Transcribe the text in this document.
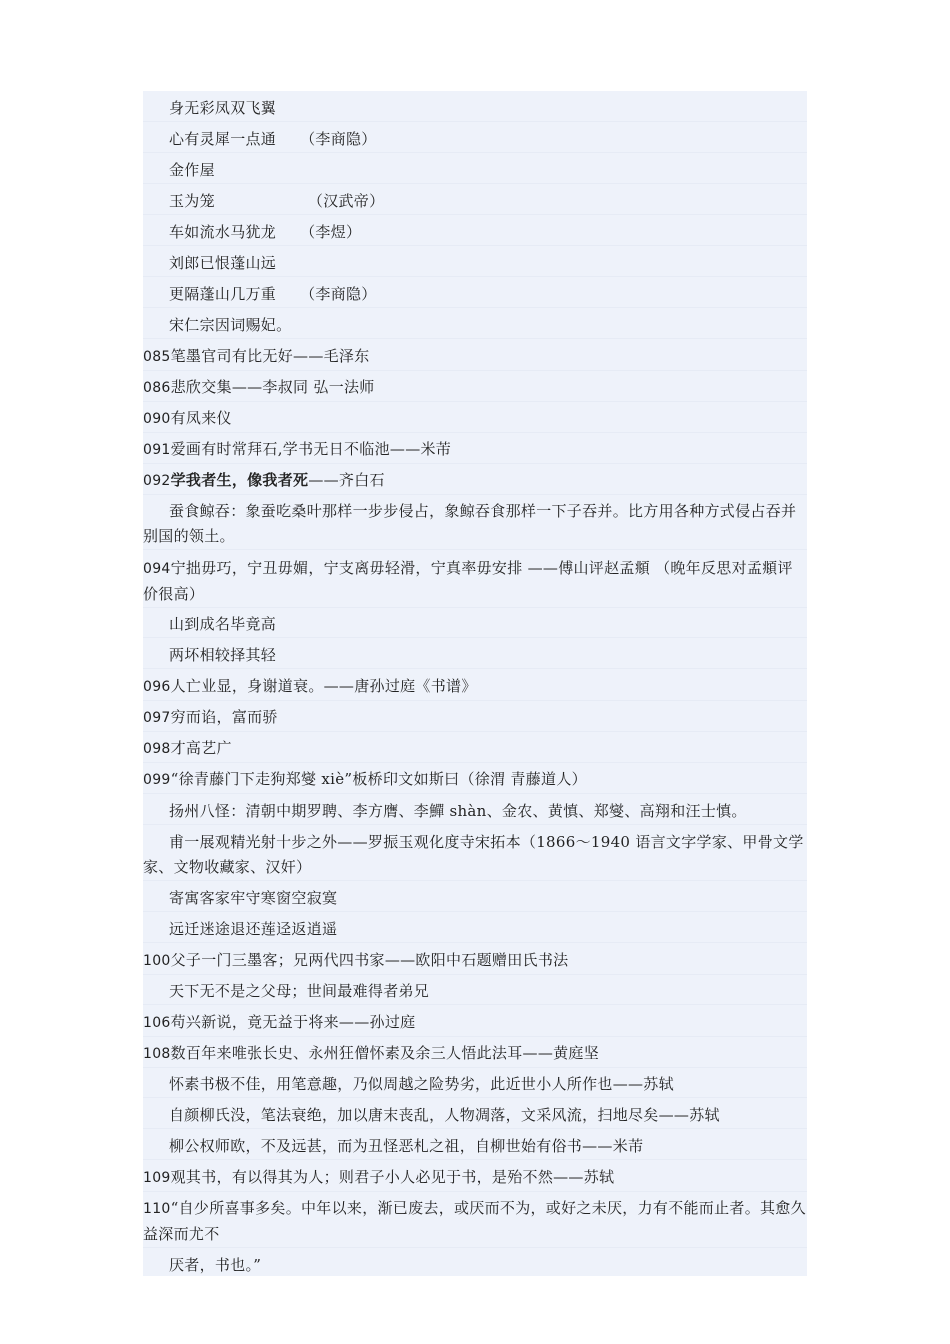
身无彩凤双飞翼
心有灵犀一点通 （李商隐）
金作屋
玉为笼	（汉武帝）
车如流水马犹龙 （李煜）
刘郎已恨蓬山远
更隔蓬山几万重 （李商隐）
宋仁宗因词赐妃。
085笔墨官司有比无好——毛泽东
086悲欣交集——李叔同 弘一法师
090有凤来仪
091爱画有时常拜石,学书无日不临池——米芾
092学我者生，像我者死——齐白石
蚕食鲸吞：象蚕吃桑叶那样一步步侵占，象鲸吞食那样一下子吞并。比方用各种方式侵占吞并别国的领土。
094宁拙毋巧，宁丑毋媚，宁支离毋轻滑，宁真率毋安排 ——傅山评赵孟頫 （晚年反思对孟頫评价很高）
山到成名毕竟高
两坏相较择其轻
096人亡业显，身谢道衰。——唐孙过庭《书谱》
097穷而谄，富而骄
098才高艺广
099“徐青藤门下走狗郑燮 xiè”板桥印文如斯曰（徐渭 青藤道人）
扬州八怪：清朝中期罗聘、李方膺、李鱓 shàn、金农、黄慎、郑燮、高翔和汪士慎。
甫一展观精光射十步之外——罗振玉观化度寺宋拓本（1866～1940 语言文字学家、甲骨文学家、文物收藏家、汉奸）
寄寓客家牢守寒窗空寂寞
远迁迷途退还莲迳返逍遥
100父子一门三墨客；兄两代四书家——欧阳中石题赠田氏书法
天下无不是之父母；世间最难得者弟兄
106苟兴新说，竟无益于将来——孙过庭
108数百年来唯张长史、永州狂僧怀素及余三人悟此法耳——黄庭坚
怀素书极不佳，用笔意趣，乃似周越之险势劣，此近世小人所作也——苏轼
自颜柳氏没，笔法衰绝，加以唐末丧乱，人物凋落，文采风流，扫地尽矣——苏轼
柳公权师欧，不及远甚，而为丑怪恶札之祖，自柳世始有俗书——米芾
109观其书，有以得其为人；则君子小人必见于书，是殆不然——苏轼
110“自少所喜事多矣。中年以来，渐已废去，或厌而不为，或好之未厌，力有不能而止者。其愈久益深而尤不
厌者，书也。”
